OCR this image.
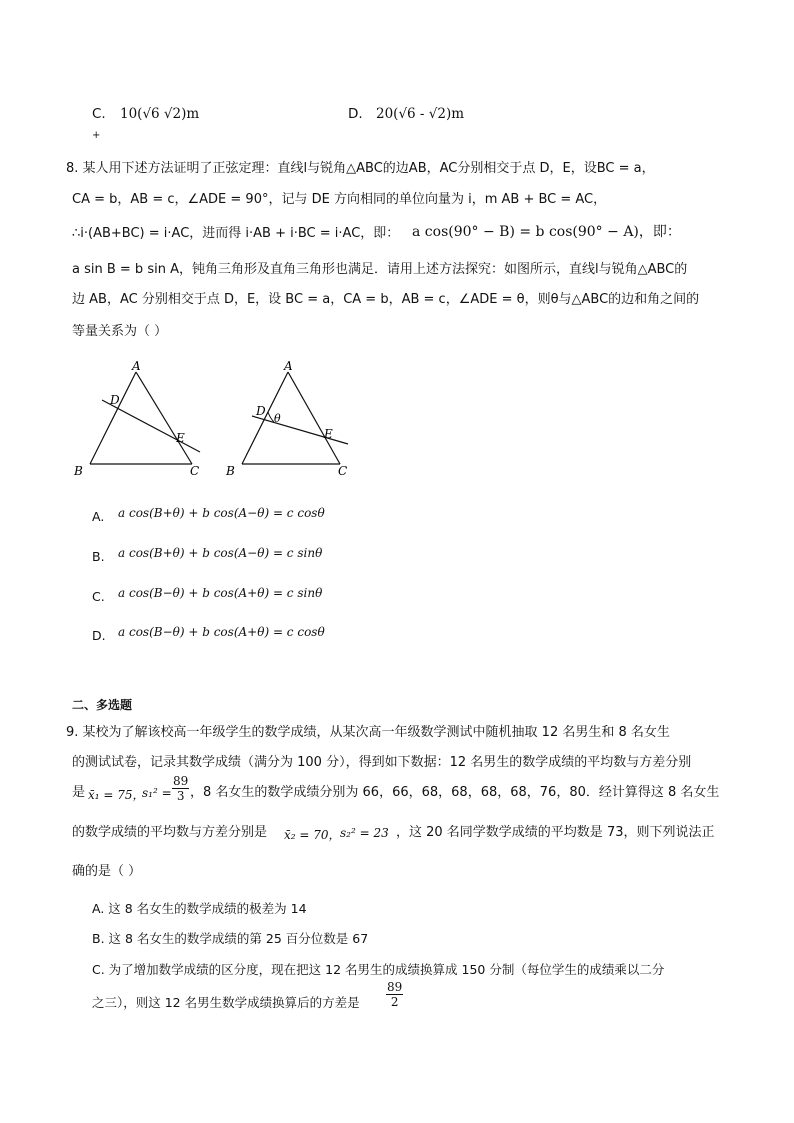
C. 10(√6 √2)m
+
D. 20(√6 - √2)m
8. 某人用下述方法证明了正弦定理：直线l与锐角△ABC的边AB，AC分别相交于点 D，E，设BC = a，
CA = b，AB = c，∠ADE = 90°，记与 DE 方向相同的单位向量为 i，m AB + BC = AC，
∴i·(AB+BC) = i·AC，进而得 i·AB + i·BC = i·AC，即： a cos(90° − B) = b cos(90° − A)，即：
a sin B = b sin A，钝角三角形及直角三角形也满足．请用上述方法探究：如图所示，直线l与锐角△ABC的
边 AB，AC 分别相交于点 D，E，设 BC = a，CA = b，AB = c，∠ADE = θ，则θ与△ABC的边和角之间的
等量关系为（ ）
A
B	C
D
E
A
B	C
D
θ
E
A. a cos(B+θ) + b cos(A−θ) = c cosθ
B. a cos(B+θ) + b cos(A−θ) = c sinθ
C. a cos(B−θ) + b cos(A+θ) = c sinθ
D. a cos(B−θ) + b cos(A+θ) = c cosθ
二、多选题
9. 某校为了解该校高一年级学生的数学成绩，从某次高一年级数学测试中随机抽取 12 名男生和 8 名女生
的测试试卷，记录其数学成绩（满分为 100 分），得到如下数据：12 名男生的数学成绩的平均数与方差分别
是 x̄₁ = 75，
$s_1^2 = \frac{89}{3}$ ，8 名女生的数学成绩分别为 66，66，68，68，68，68，76，80．经计算得这 8 名女生
的数学成绩的平均数与方差分别是 x̄₂ = 70， s₂² = 23 ，这 20 名同学数学成绩的平均数是 73，则下列说法正
确的是（ ）
A. 这 8 名女生的数学成绩的极差为 14
B. 这 8 名女生的数学成绩的第 25 百分位数是 67
C. 为了增加数学成绩的区分度，现在把这 12 名男生的成绩换算成 150 分制（每位学生的成绩乘以二分
之三），则这 12 名男生数学成绩换算后的方差是 $\frac{89}{2}$
